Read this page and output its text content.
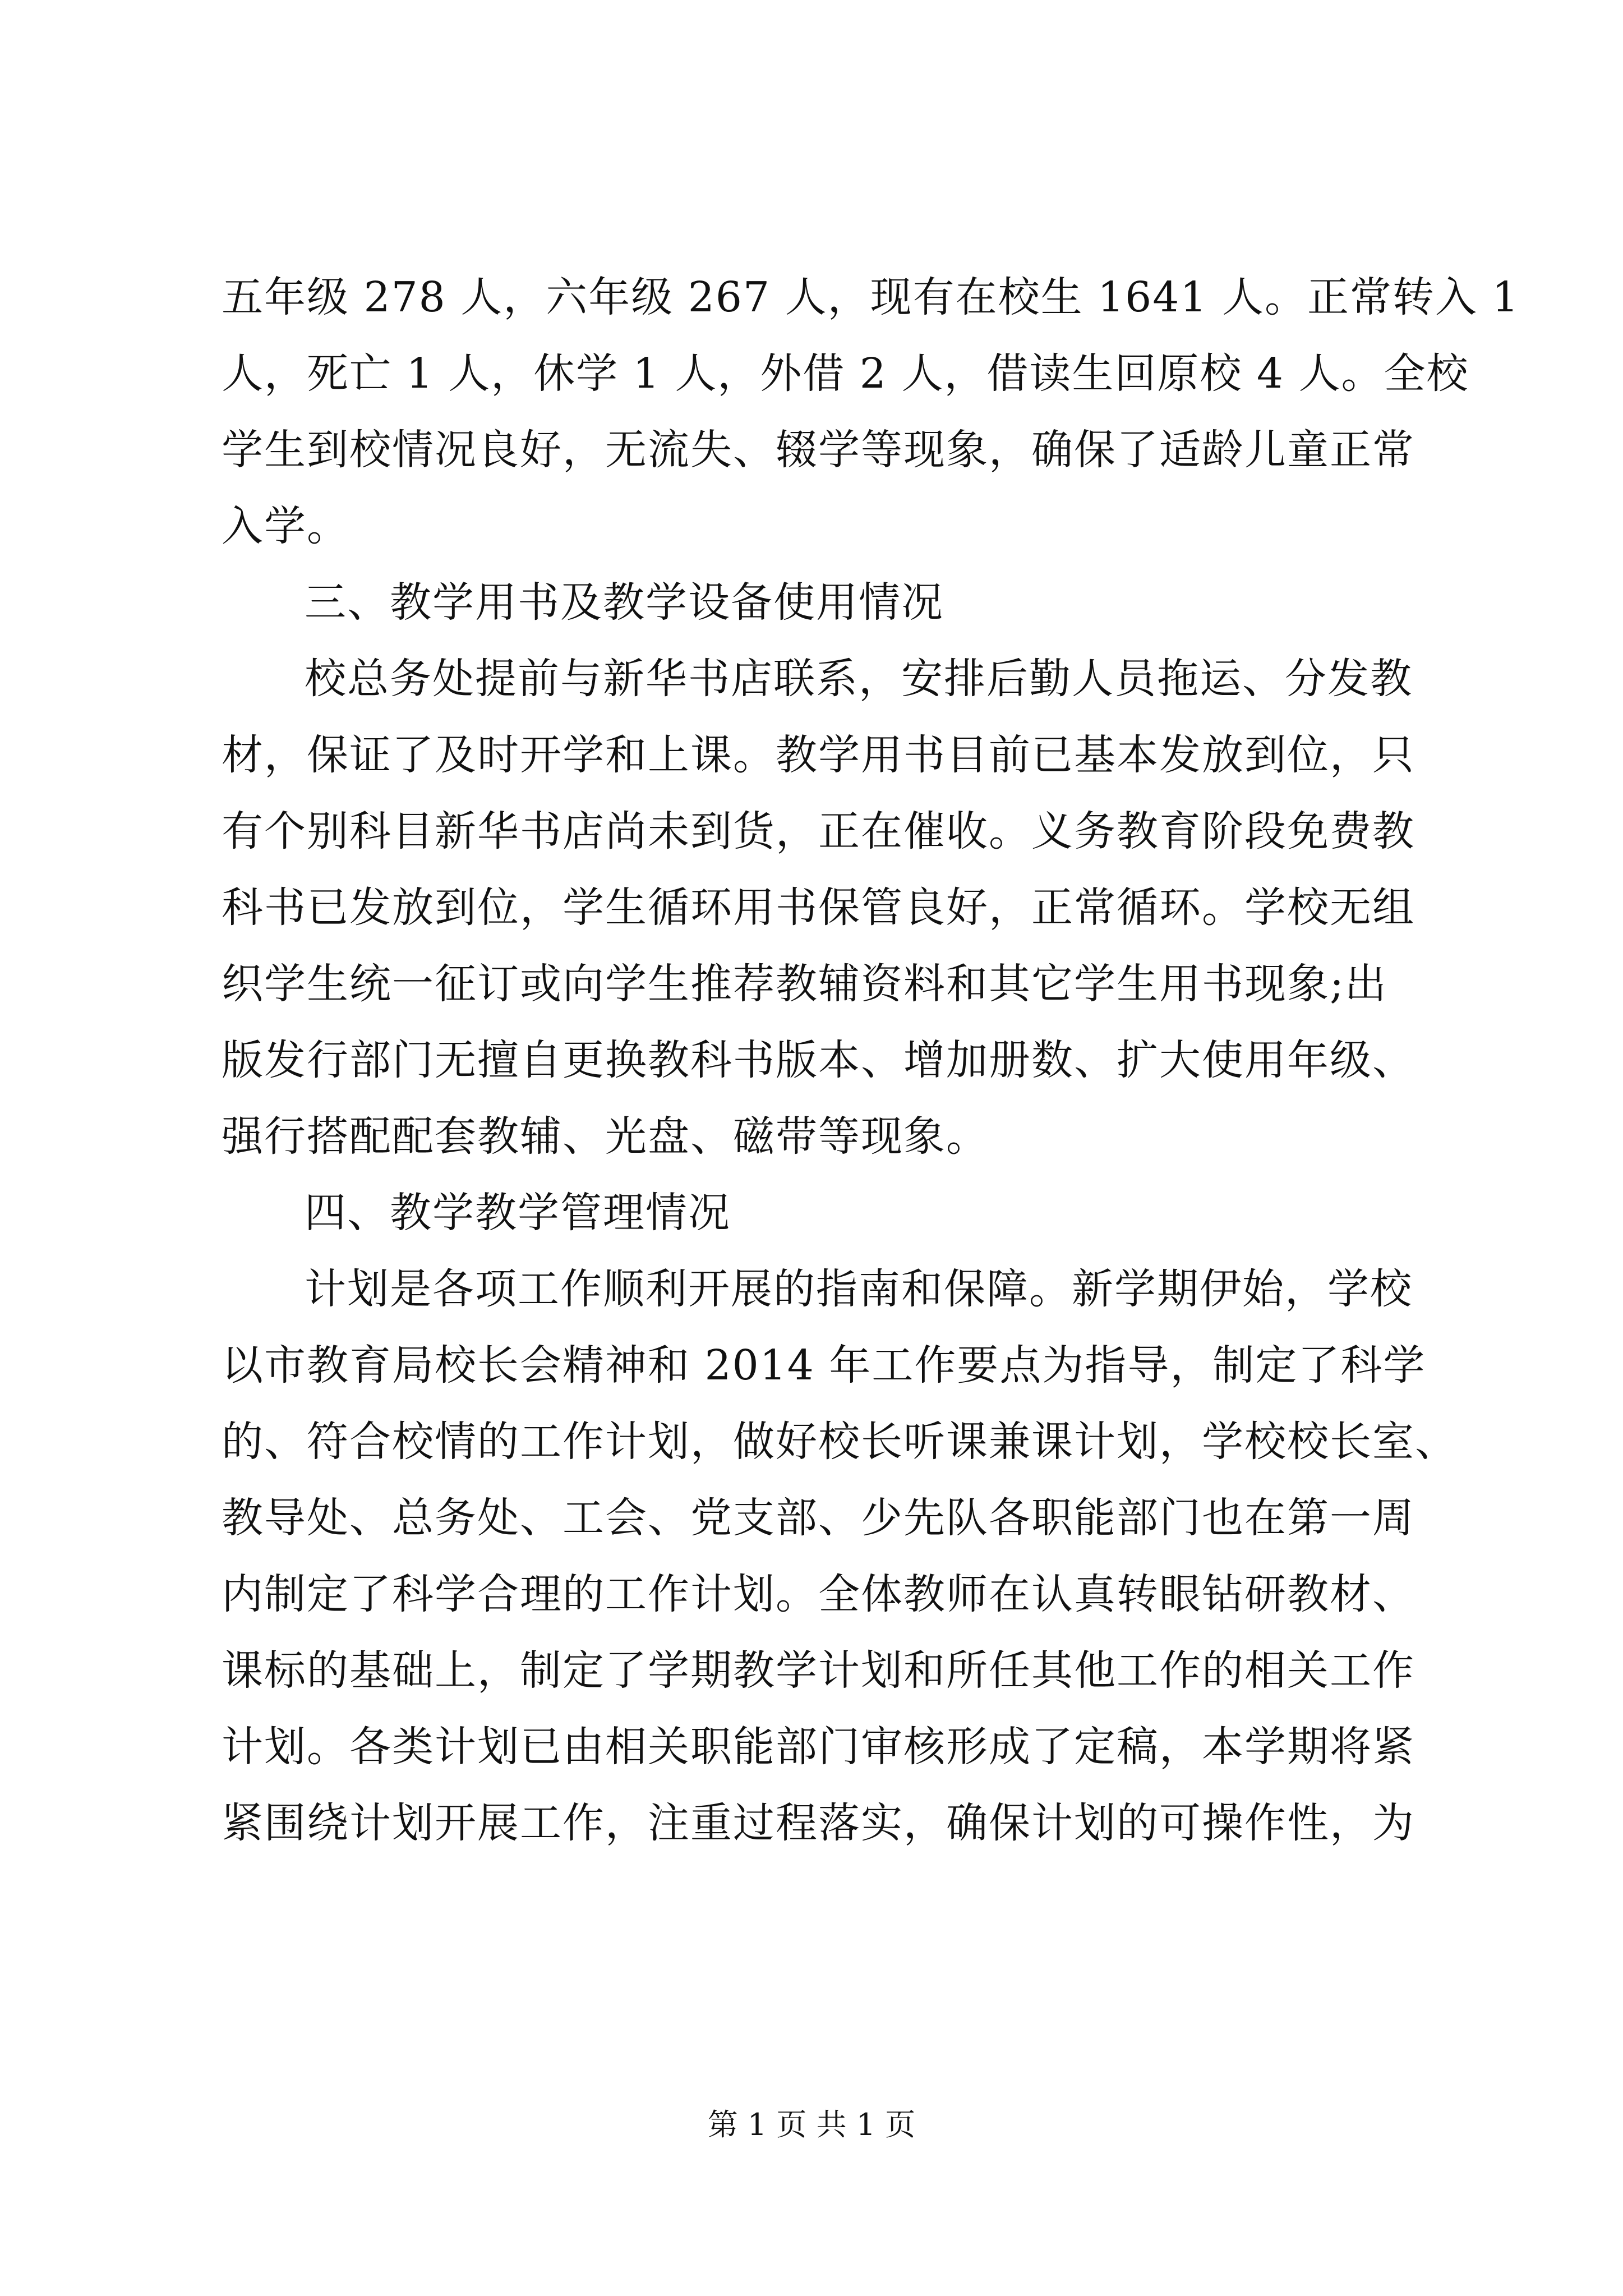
五年级 278 人，六年级 267 人，现有在校生 1641 人。正常转入 1
人，死亡 1 人，休学 1 人，外借 2 人，借读生回原校 4 人。全校
学生到校情况良好，无流失、辍学等现象，确保了适龄儿童正常
入学。
三、教学用书及教学设备使用情况
校总务处提前与新华书店联系，安排后勤人员拖运、分发教
材，保证了及时开学和上课。教学用书目前已基本发放到位，只
有个别科目新华书店尚未到货，正在催收。义务教育阶段免费教
科书已发放到位，学生循环用书保管良好，正常循环。学校无组
织学生统一征订或向学生推荐教辅资料和其它学生用书现象;出
版发行部门无擅自更换教科书版本、增加册数、扩大使用年级、
强行搭配配套教辅、光盘、磁带等现象。
四、教学教学管理情况
计划是各项工作顺利开展的指南和保障。新学期伊始，学校
以市教育局校长会精神和 2014 年工作要点为指导，制定了科学
的、符合校情的工作计划，做好校长听课兼课计划，学校校长室、
教导处、总务处、工会、党支部、少先队各职能部门也在第一周
内制定了科学合理的工作计划。全体教师在认真转眼钻研教材、
课标的基础上，制定了学期教学计划和所任其他工作的相关工作
计划。各类计划已由相关职能部门审核形成了定稿，本学期将紧
紧围绕计划开展工作，注重过程落实，确保计划的可操作性，为
第 1 页 共 1 页
